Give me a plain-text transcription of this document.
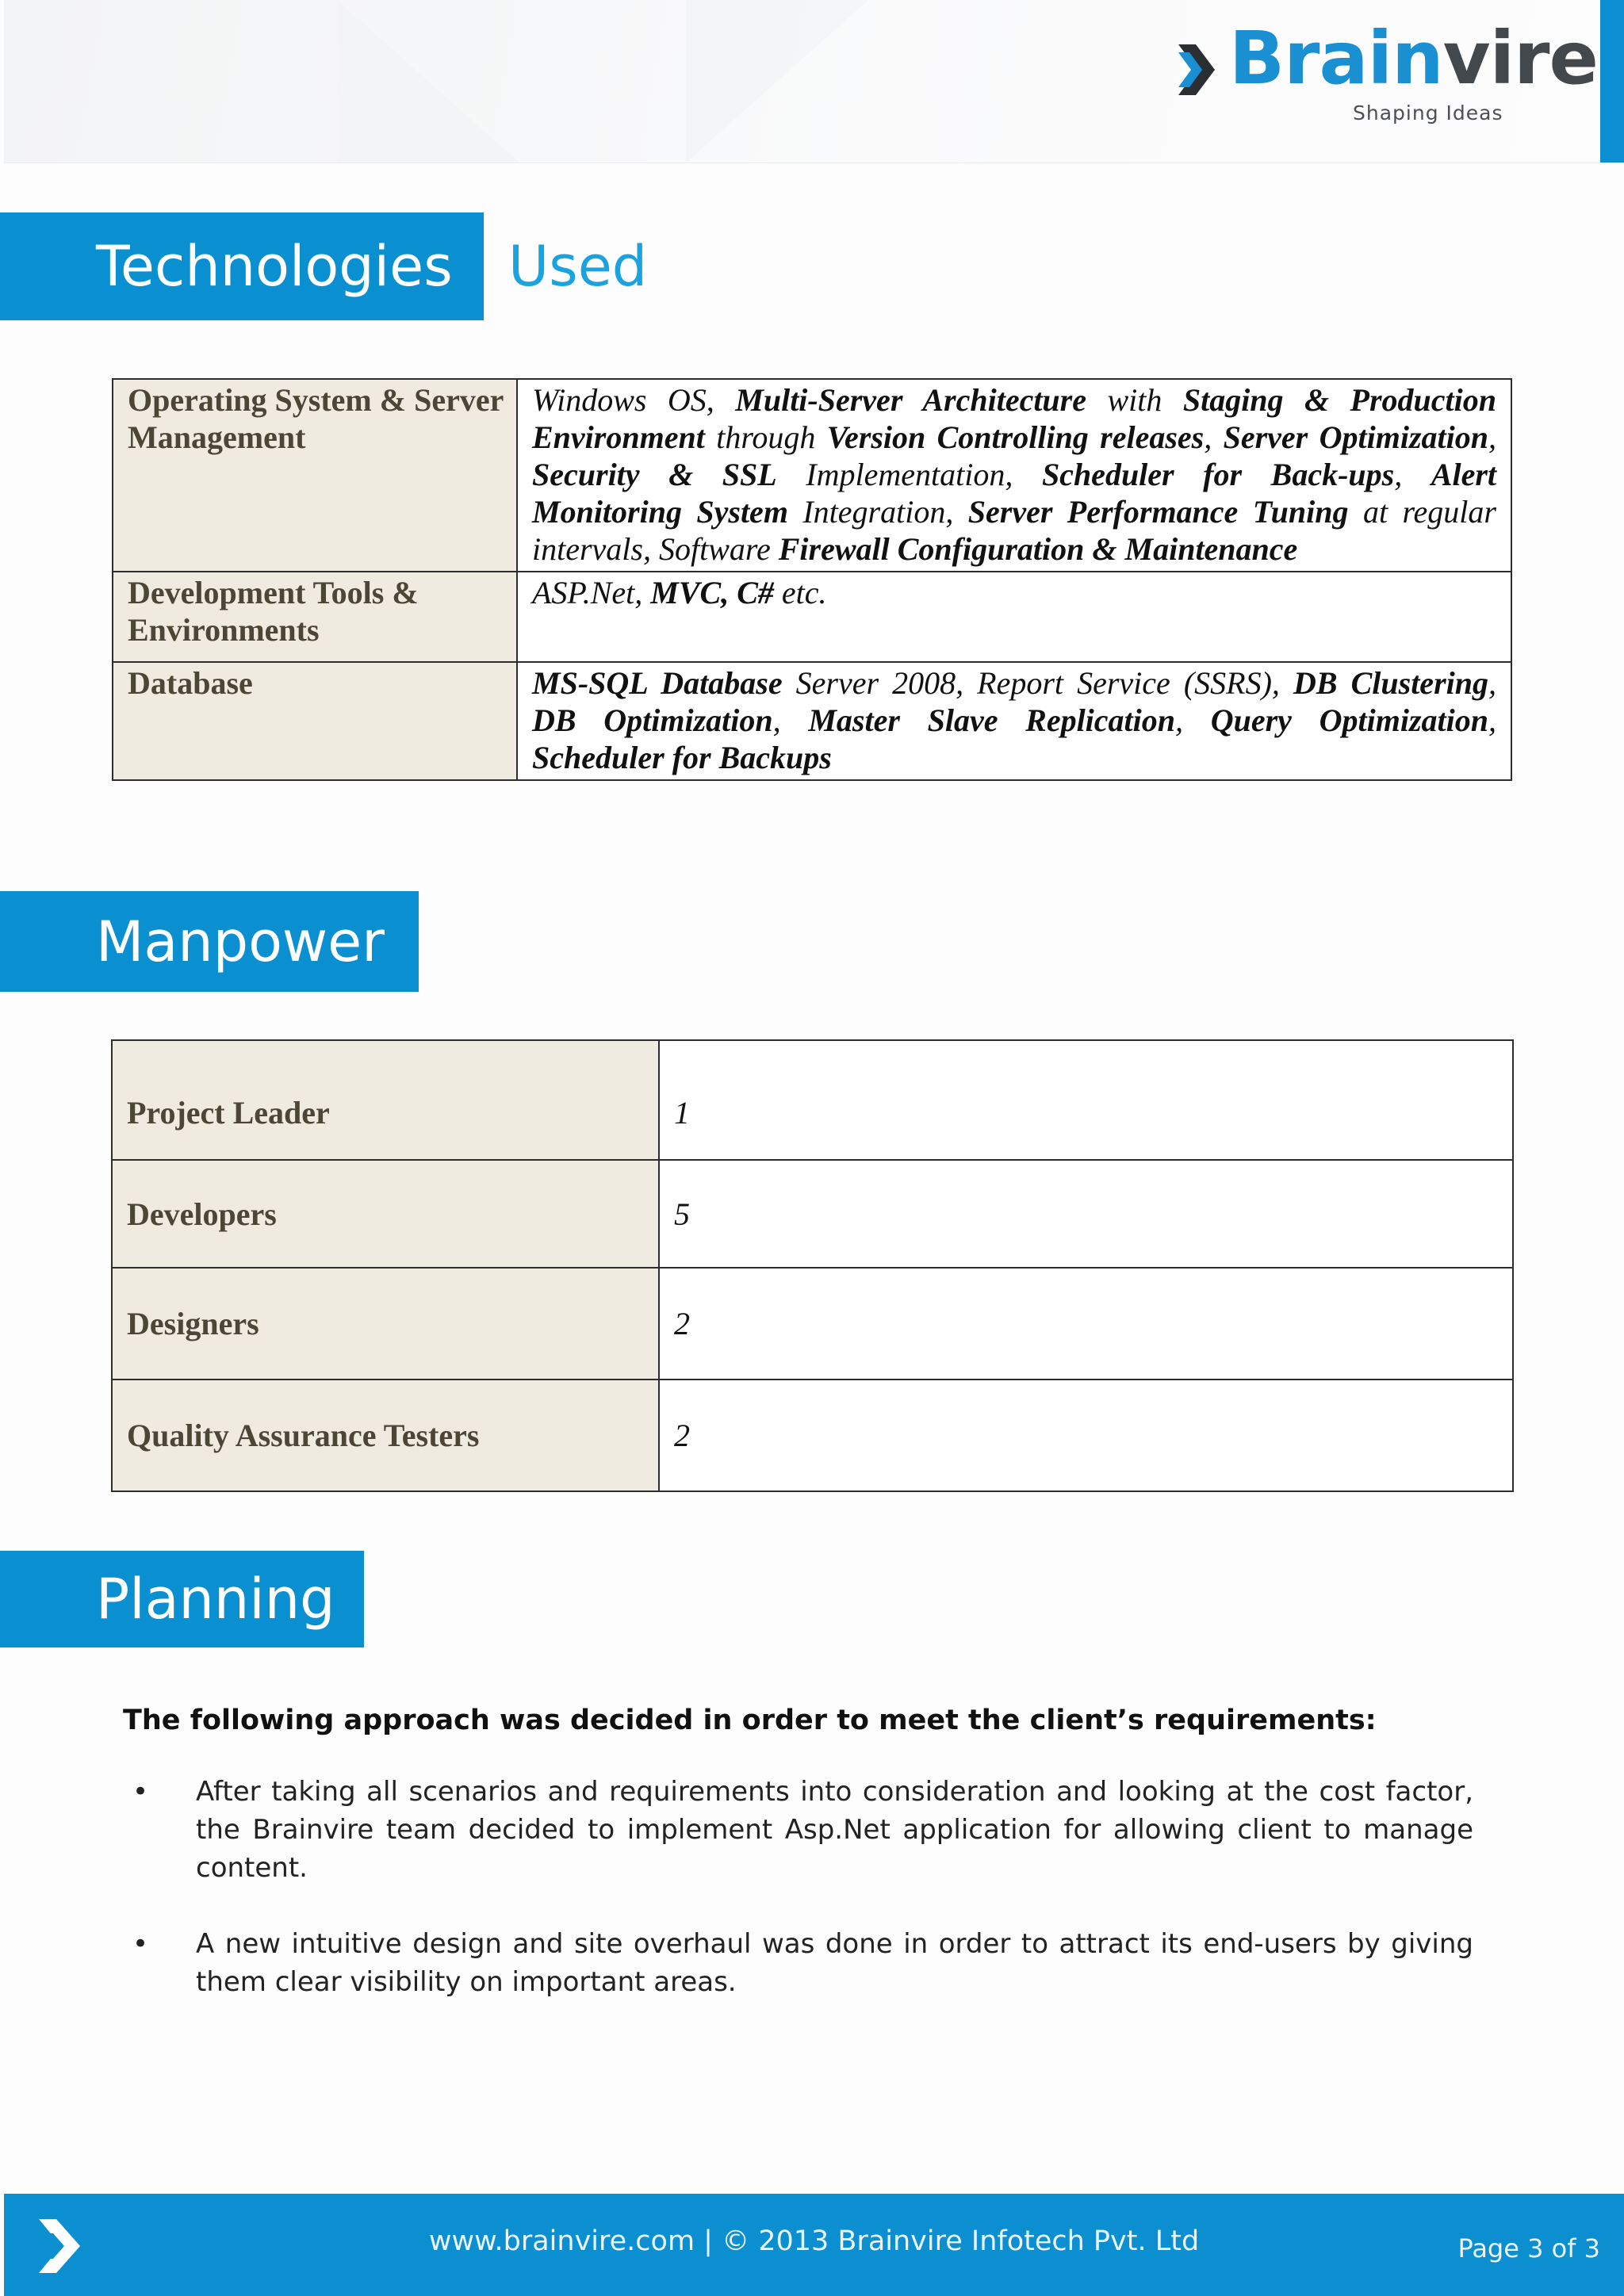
Brainvire
Shaping Ideas
Technologies Used
Operating System & Server Management	Windows OS, Multi-Server Architecture with Staging & Production Environment through Version Controlling releases, Server Optimization, Security & SSL Implementation, Scheduler for Back-ups, Alert Monitoring System Integration, Server Performance Tuning at regular intervals, Software Firewall Configuration & Maintenance
Development Tools & Environments	ASP.Net, MVC, C# etc.
Database	MS-SQL Database Server 2008, Report Service (SSRS), DB Clustering, DB Optimization, Master Slave Replication, Query Optimization, Scheduler for Backups
Manpower
Project Leader	1
Developers	5
Designers	2
Quality Assurance Testers	2
Planning
The following approach was decided in order to meet the client’s requirements:
• After taking all scenarios and requirements into consideration and looking at the cost factor, the Brainvire team decided to implement Asp.Net application for allowing client to manage content.
• A new intuitive design and site overhaul was done in order to attract its end-users by giving them clear visibility on important areas.
www.brainvire.com | © 2013 Brainvire Infotech Pvt. Ltd	Page 3 of 3
